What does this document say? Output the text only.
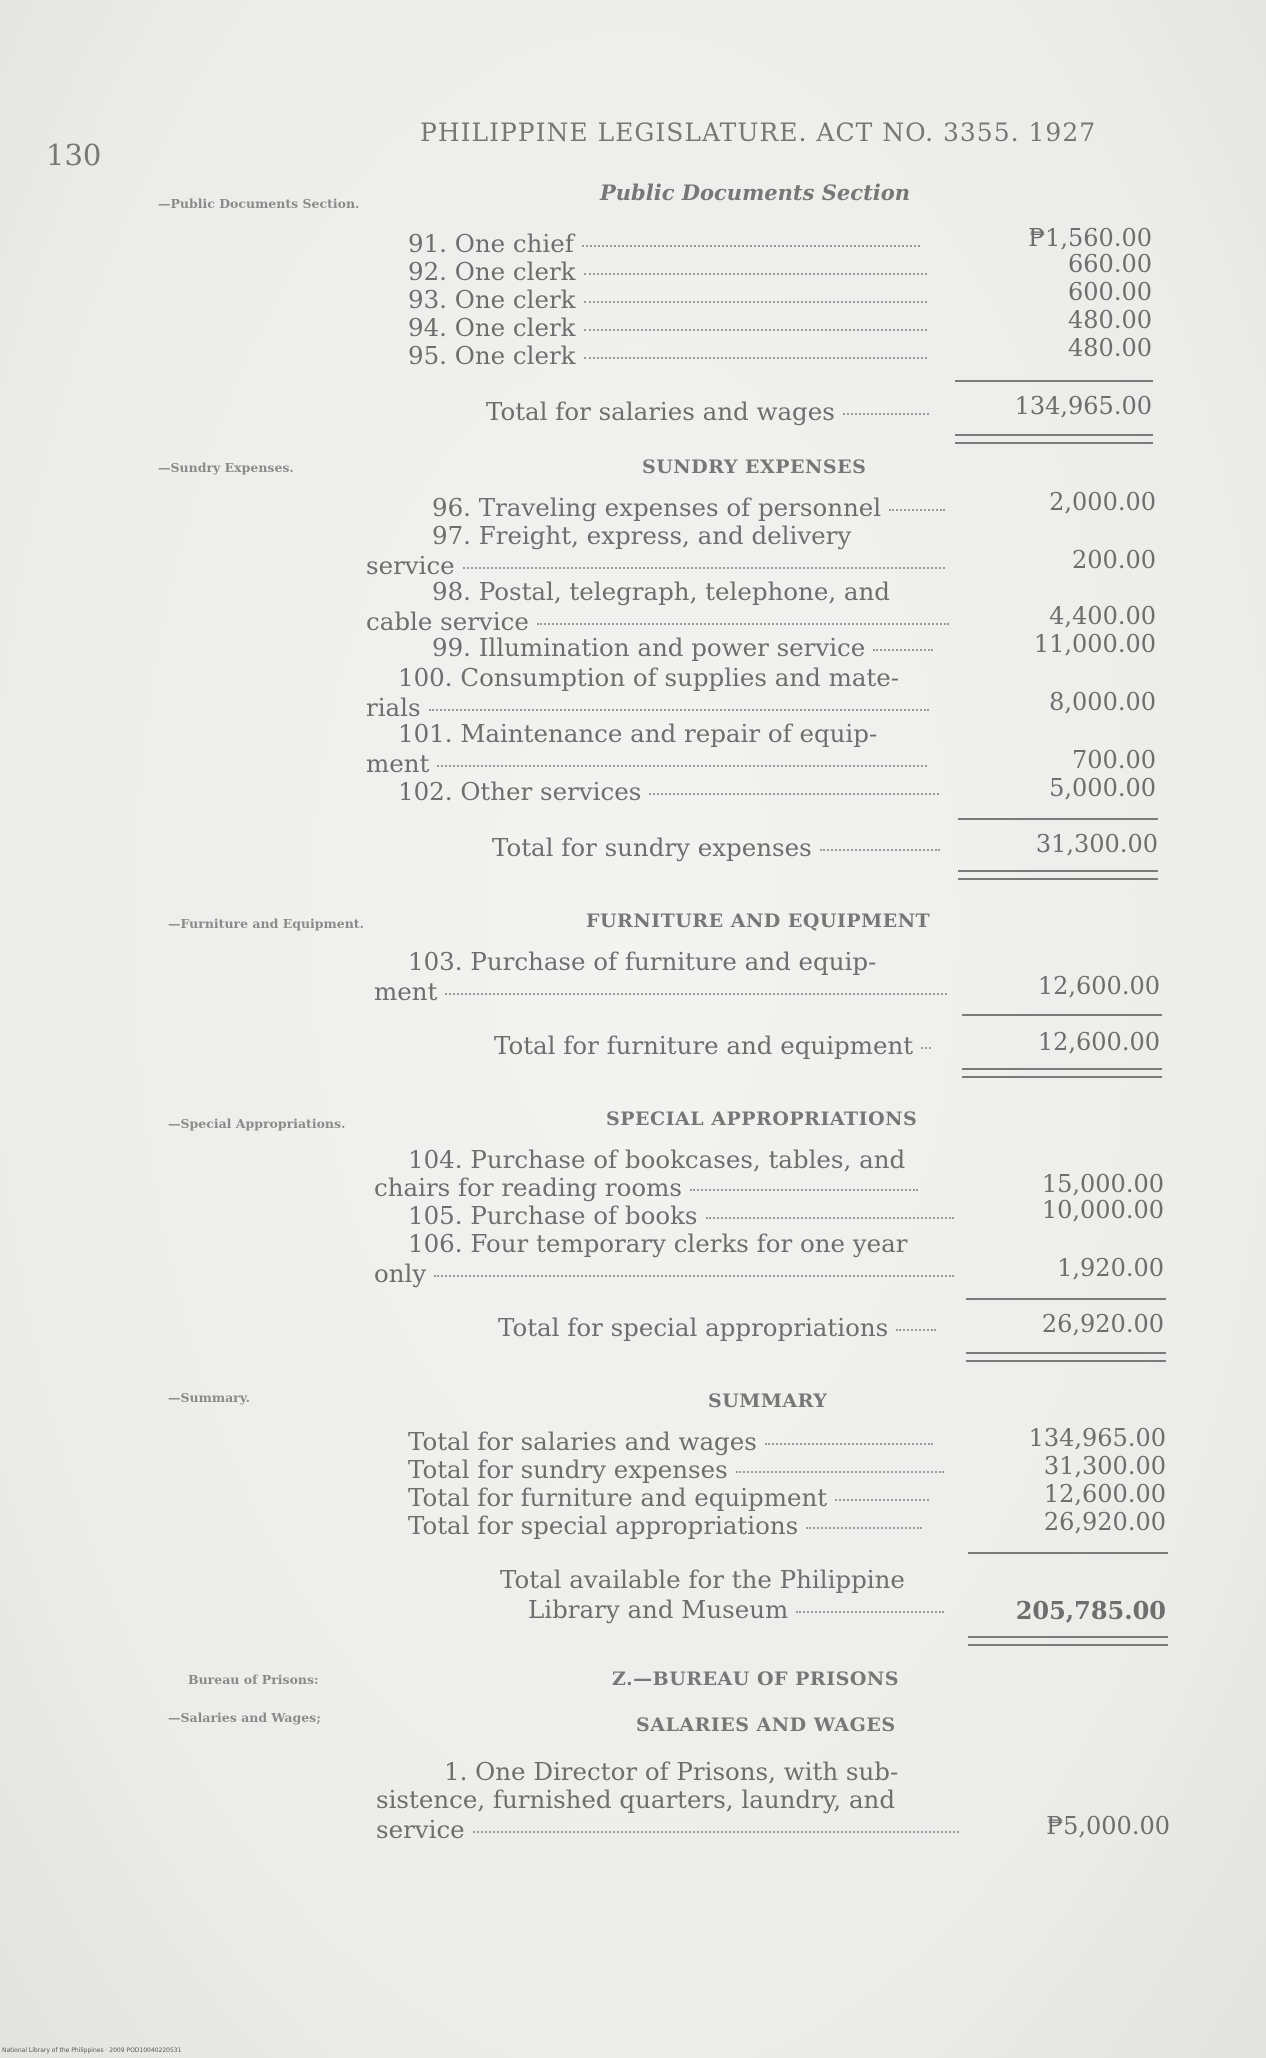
130
PHILIPPINE LEGISLATURE. ACT NO. 3355. 1927
—Public Documents Section.
—Sundry Expenses.
—Furniture and Equipment.
—Special Appropriations.
—Summary.
Bureau of Prisons:
—Salaries and Wages;
Public Documents Section
91. One chief	₱1,560.00
92. One clerk	660.00
93. One clerk	600.00
94. One clerk	480.00
95. One clerk	480.00
Total for salaries and wages	134,965.00
SUNDRY EXPENSES
96. Traveling expenses of personnel	2,000.00
97. Freight, express, and delivery
service	200.00
98. Postal, telegraph, telephone, and
cable service	4,400.00
99. Illumination and power service	11,000.00
100. Consumption of supplies and mate-
rials	8,000.00
101. Maintenance and repair of equip-
ment	700.00
102. Other services	5,000.00
Total for sundry expenses	31,300.00
FURNITURE AND EQUIPMENT
103. Purchase of furniture and equip-
ment	12,600.00
Total for furniture and equipment	12,600.00
SPECIAL APPROPRIATIONS
104. Purchase of bookcases, tables, and
chairs for reading rooms	15,000.00
105. Purchase of books	10,000.00
106. Four temporary clerks for one year
only	1,920.00
Total for special appropriations	26,920.00
SUMMARY
Total for salaries and wages	134,965.00
Total for sundry expenses	31,300.00
Total for furniture and equipment	12,600.00
Total for special appropriations	26,920.00
Total available for the Philippine
Library and Museum	205,785.00
Z.—BUREAU OF PRISONS
SALARIES AND WAGES
1. One Director of Prisons, with sub-
sistence, furnished quarters, laundry, and
service	₱5,000.00
National Library of the Philippines · 2009 POD10040220531
